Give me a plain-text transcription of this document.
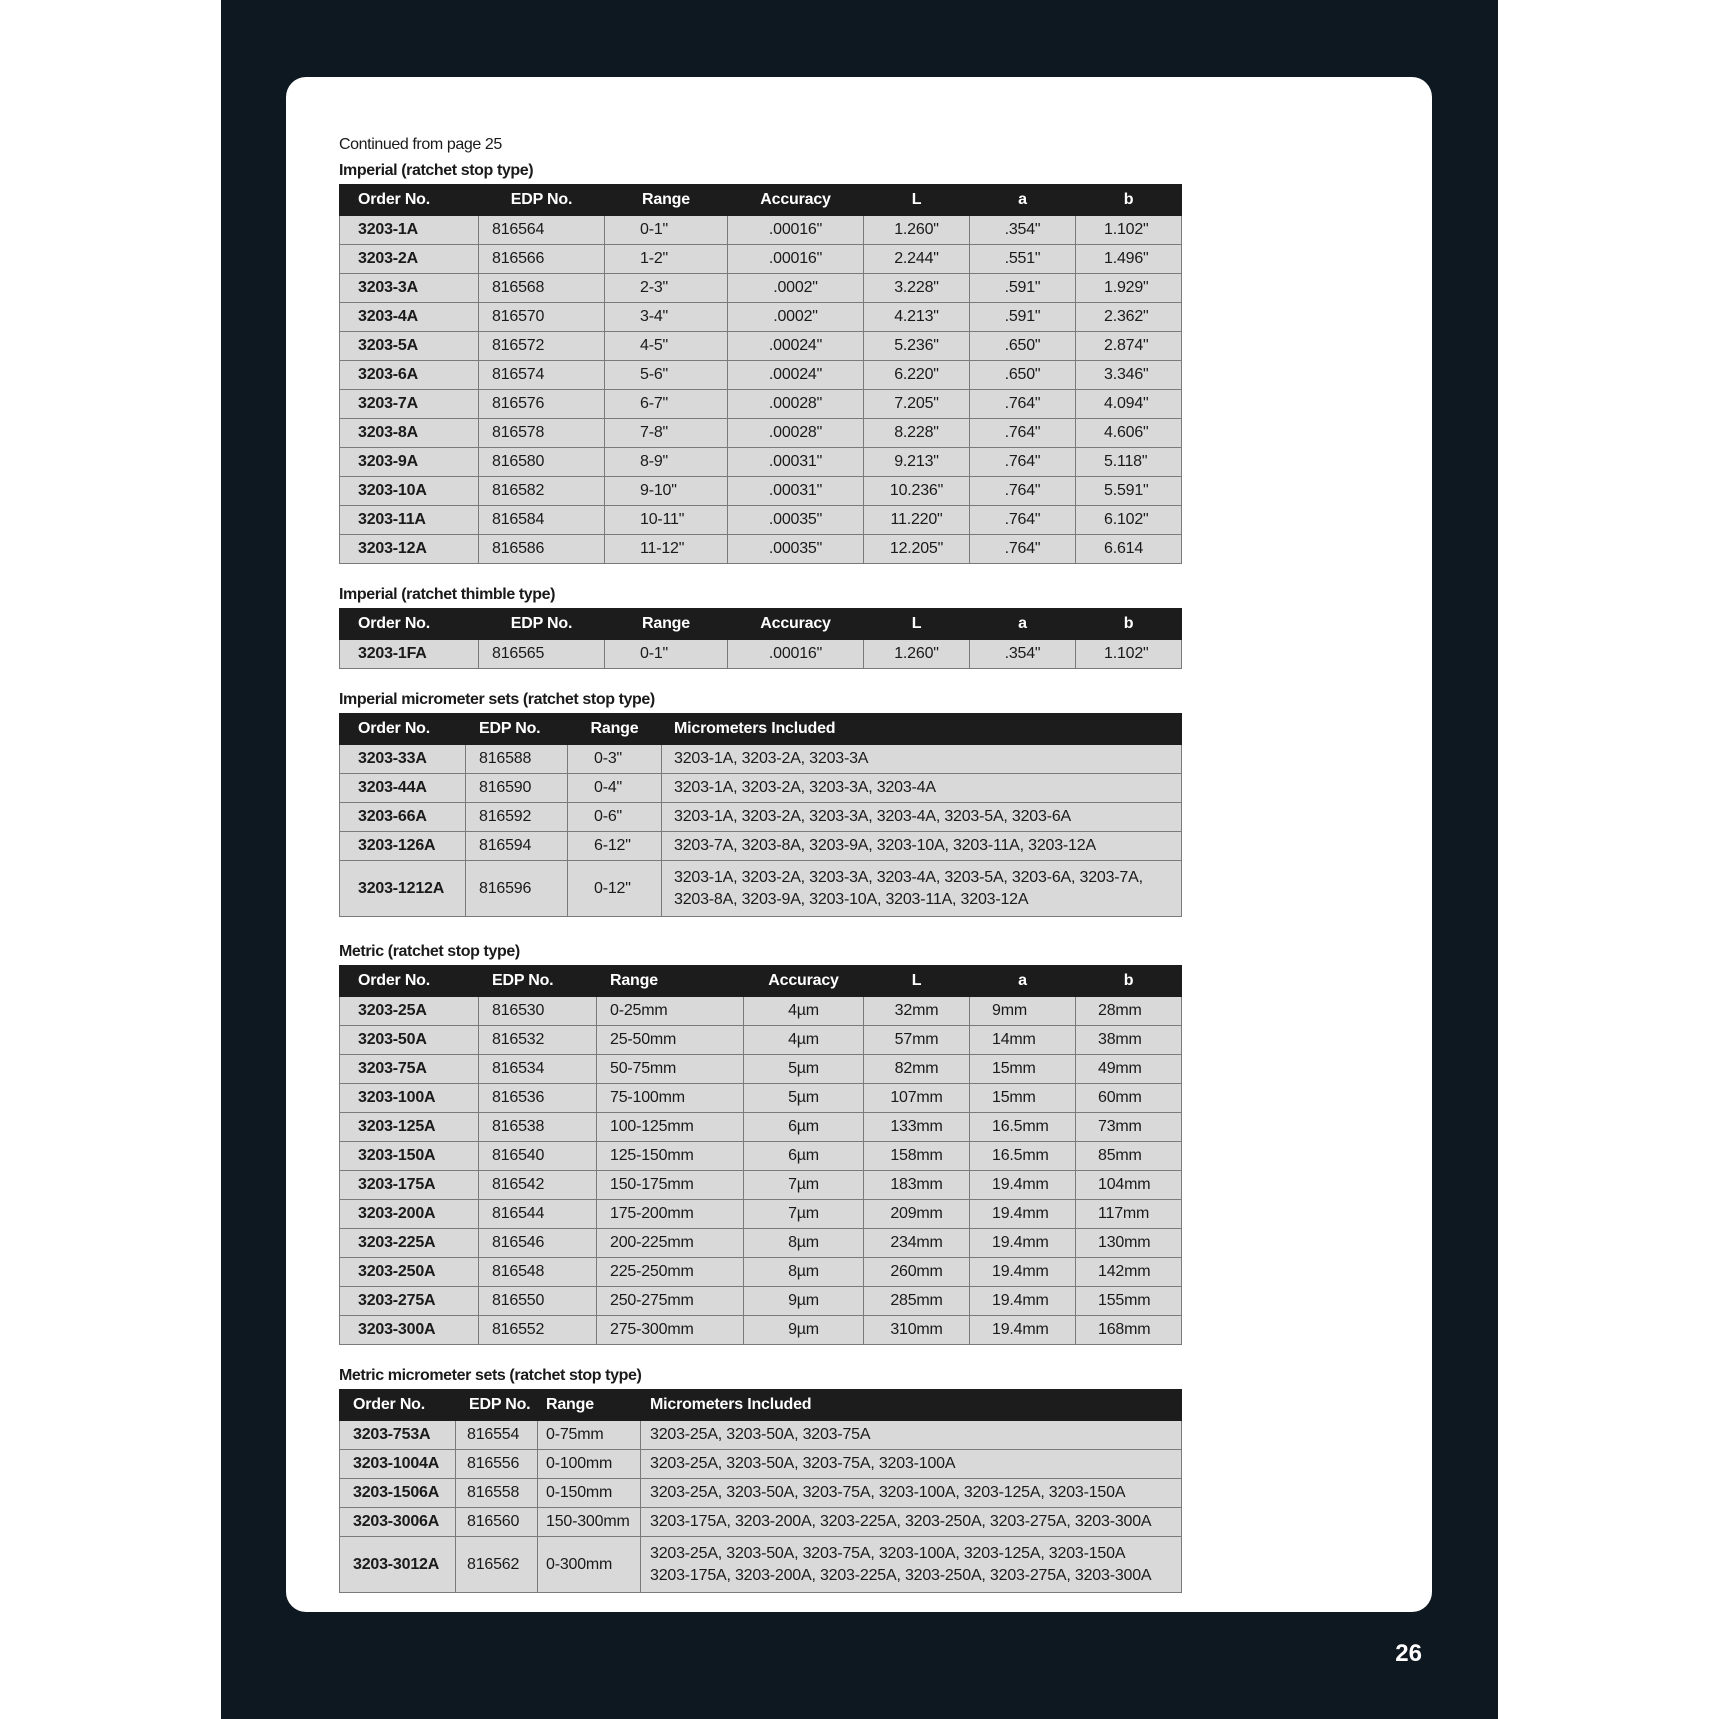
Continued from page 25
Imperial (ratchet stop type)
Order No.	EDP No.	Range	Accuracy	L	a	b
3203-1A	816564	0-1"	.00016"	1.260"	.354"	1.102"
3203-2A	816566	1-2"	.00016"	2.244"	.551"	1.496"
3203-3A	816568	2-3"	.0002"	3.228"	.591"	1.929"
3203-4A	816570	3-4"	.0002"	4.213"	.591"	2.362"
3203-5A	816572	4-5"	.00024"	5.236"	.650"	2.874"
3203-6A	816574	5-6"	.00024"	6.220"	.650"	3.346"
3203-7A	816576	6-7"	.00028"	7.205"	.764"	4.094"
3203-8A	816578	7-8"	.00028"	8.228"	.764"	4.606"
3203-9A	816580	8-9"	.00031"	9.213"	.764"	5.118"
3203-10A	816582	9-10"	.00031"	10.236"	.764"	5.591"
3203-11A	816584	10-11"	.00035"	11.220"	.764"	6.102"
3203-12A	816586	11-12"	.00035"	12.205"	.764"	6.614
Imperial (ratchet thimble type)
Order No.	EDP No.	Range	Accuracy	L	a	b
3203-1FA	816565	0-1"	.00016"	1.260"	.354"	1.102"
Imperial micrometer sets (ratchet stop type)
Order No.	EDP No.	Range	Micrometers Included
3203-33A	816588	0-3"	3203-1A, 3203-2A, 3203-3A

3203-44A	816590	0-4"	3203-1A, 3203-2A, 3203-3A, 3203-4A

3203-66A	816592	0-6"	3203-1A, 3203-2A, 3203-3A, 3203-4A, 3203-5A, 3203-6A

3203-126A	816594	6-12"	3203-7A, 3203-8A, 3203-9A, 3203-10A, 3203-11A, 3203-12A

3203-1212A	816596	0-12"	3203-1A, 3203-2A, 3203-3A, 3203-4A, 3203-5A, 3203-6A, 3203-7A,
3203-8A, 3203-9A, 3203-10A, 3203-11A, 3203-12A
Metric (ratchet stop type)
Order No.	EDP No.	Range	Accuracy	L	a	b
3203-25A	816530	0-25mm	4µm	32mm	9mm	28mm
3203-50A	816532	25-50mm	4µm	57mm	14mm	38mm
3203-75A	816534	50-75mm	5µm	82mm	15mm	49mm
3203-100A	816536	75-100mm	5µm	107mm	15mm	60mm
3203-125A	816538	100-125mm	6µm	133mm	16.5mm	73mm
3203-150A	816540	125-150mm	6µm	158mm	16.5mm	85mm
3203-175A	816542	150-175mm	7µm	183mm	19.4mm	104mm
3203-200A	816544	175-200mm	7µm	209mm	19.4mm	117mm
3203-225A	816546	200-225mm	8µm	234mm	19.4mm	130mm
3203-250A	816548	225-250mm	8µm	260mm	19.4mm	142mm
3203-275A	816550	250-275mm	9µm	285mm	19.4mm	155mm
3203-300A	816552	275-300mm	9µm	310mm	19.4mm	168mm
Metric micrometer sets (ratchet stop type)
Order No.	EDP No.	Range	Micrometers Included
3203-753A	816554	0-75mm	3203-25A, 3203-50A, 3203-75A

3203-1004A	816556	0-100mm	3203-25A, 3203-50A, 3203-75A, 3203-100A

3203-1506A	816558	0-150mm	3203-25A, 3203-50A, 3203-75A, 3203-100A, 3203-125A, 3203-150A

3203-3006A	816560	150-300mm	3203-175A, 3203-200A, 3203-225A, 3203-250A, 3203-275A, 3203-300A

3203-3012A	816562	0-300mm	3203-25A, 3203-50A, 3203-75A, 3203-100A, 3203-125A, 3203-150A
3203-175A, 3203-200A, 3203-225A, 3203-250A, 3203-275A, 3203-300A
26
